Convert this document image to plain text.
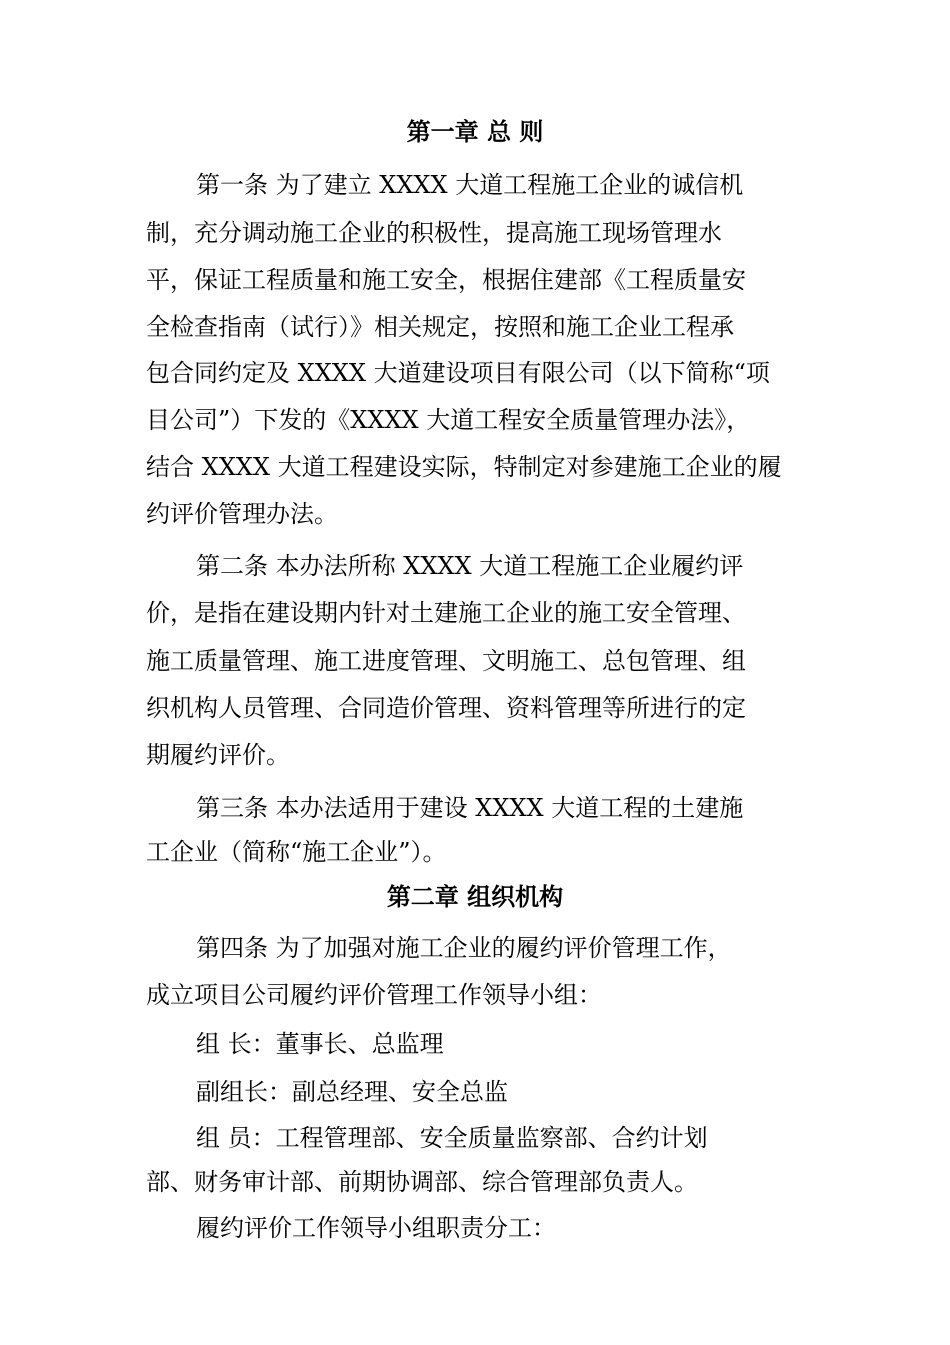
第一章 总 则

第一条 为了建立 XXXX 大道工程施工企业的诚信机

制，充分调动施工企业的积极性，提高施工现场管理水

平，保证工程质量和施工安全，根据住建部《工程质量安

全检查指南（试行）》相关规定，按照和施工企业工程承

包合同约定及 XXXX 大道建设项目有限公司（以下简称“项

目公司”）下发的《XXXX 大道工程安全质量管理办法》，

结合 XXXX 大道工程建设实际，特制定对参建施工企业的履

约评价管理办法。

第二条 本办法所称 XXXX 大道工程施工企业履约评

价，是指在建设期内针对土建施工企业的施工安全管理、

施工质量管理、施工进度管理、文明施工、总包管理、组

织机构人员管理、合同造价管理、资料管理等所进行的定

期履约评价。

第三条 本办法适用于建设 XXXX 大道工程的土建施

工企业（简称“施工企业”）。

第二章 组织机构

第四条 为了加强对施工企业的履约评价管理工作，

成立项目公司履约评价管理工作领导小组：

组 长：董事长、总监理

副组长：副总经理、安全总监

组 员：工程管理部、安全质量监察部、合约计划

部、财务审计部、前期协调部、综合管理部负责人。

履约评价工作领导小组职责分工：
